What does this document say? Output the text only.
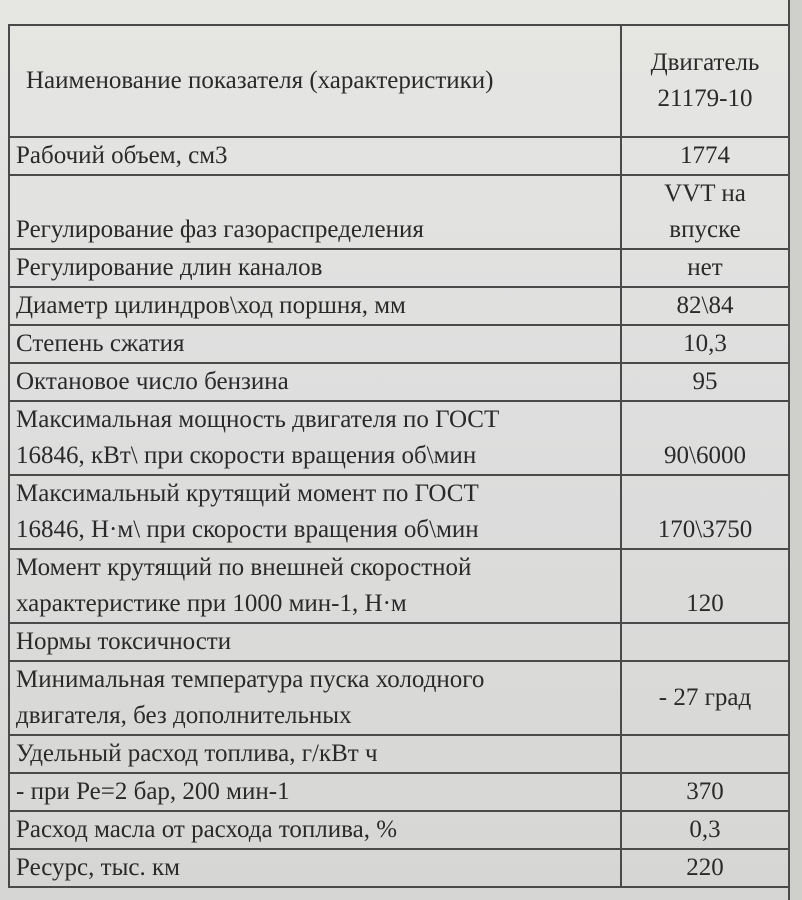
Наименование показателя (характеристики)	Двигатель
21179-10

Рабочий объем, см3	1774
Регулирование фаз газораспределения	VVT на
впуске

Регулирование длин каналов	нет
Диаметр цилиндров\ход поршня, мм	82\84
Степень сжатия	10,3
Октановое число бензина	95

Максимальная мощность двигателя по ГОСТ
16846, кВт\ при скорости вращения об\мин	90\6000

Максимальный крутящий момент по ГОСТ
16846, Н·м\ при скорости вращения об\мин	170\3750

Момент крутящий по внешней скоростной
характеристике при 1000 мин-1, Н·м	120
Нормы токсичности	

Минимальная температура пуска холодного
двигателя, без дополнительных	- 27 град
Удельный расход топлива, г/кВт ч	
- при Ре=2 бар, 200 мин-1	370
Расход масла от расхода топлива, %	0,3
Ресурс, тыс. км	220
